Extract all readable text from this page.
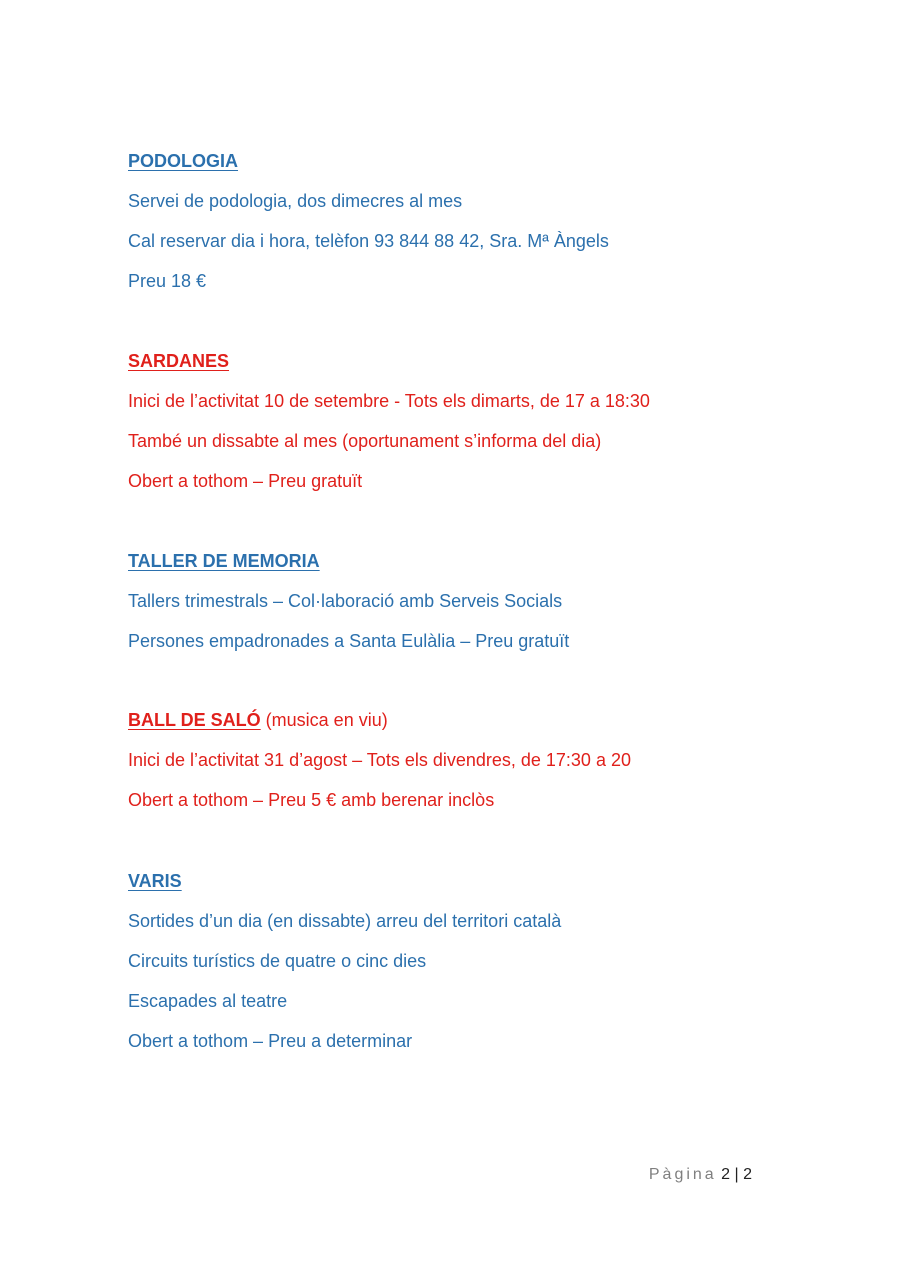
PODOLOGIA
Servei de podologia, dos dimecres al mes
Cal reservar dia i hora, telèfon 93 844 88 42, Sra. Mª Àngels
Preu 18 €
SARDANES
Inici de l’activitat 10 de setembre - Tots els dimarts, de 17 a 18:30
També un dissabte al mes (oportunament s’informa del dia)
Obert a tothom – Preu gratuït
TALLER DE MEMORIA
Tallers trimestrals – Col·laboració amb Serveis Socials
Persones empadronades a Santa Eulàlia – Preu gratuït
BALL DE SALÓ (musica en viu)
Inici de l’activitat 31 d’agost – Tots els divendres, de 17:30 a 20
Obert a tothom – Preu 5 € amb berenar inclòs
VARIS
Sortides d’un dia (en dissabte) arreu del territori català
Circuits turístics de quatre o cinc dies
Escapades al teatre
Obert a tothom – Preu a determinar
Pàgina 2 | 2
